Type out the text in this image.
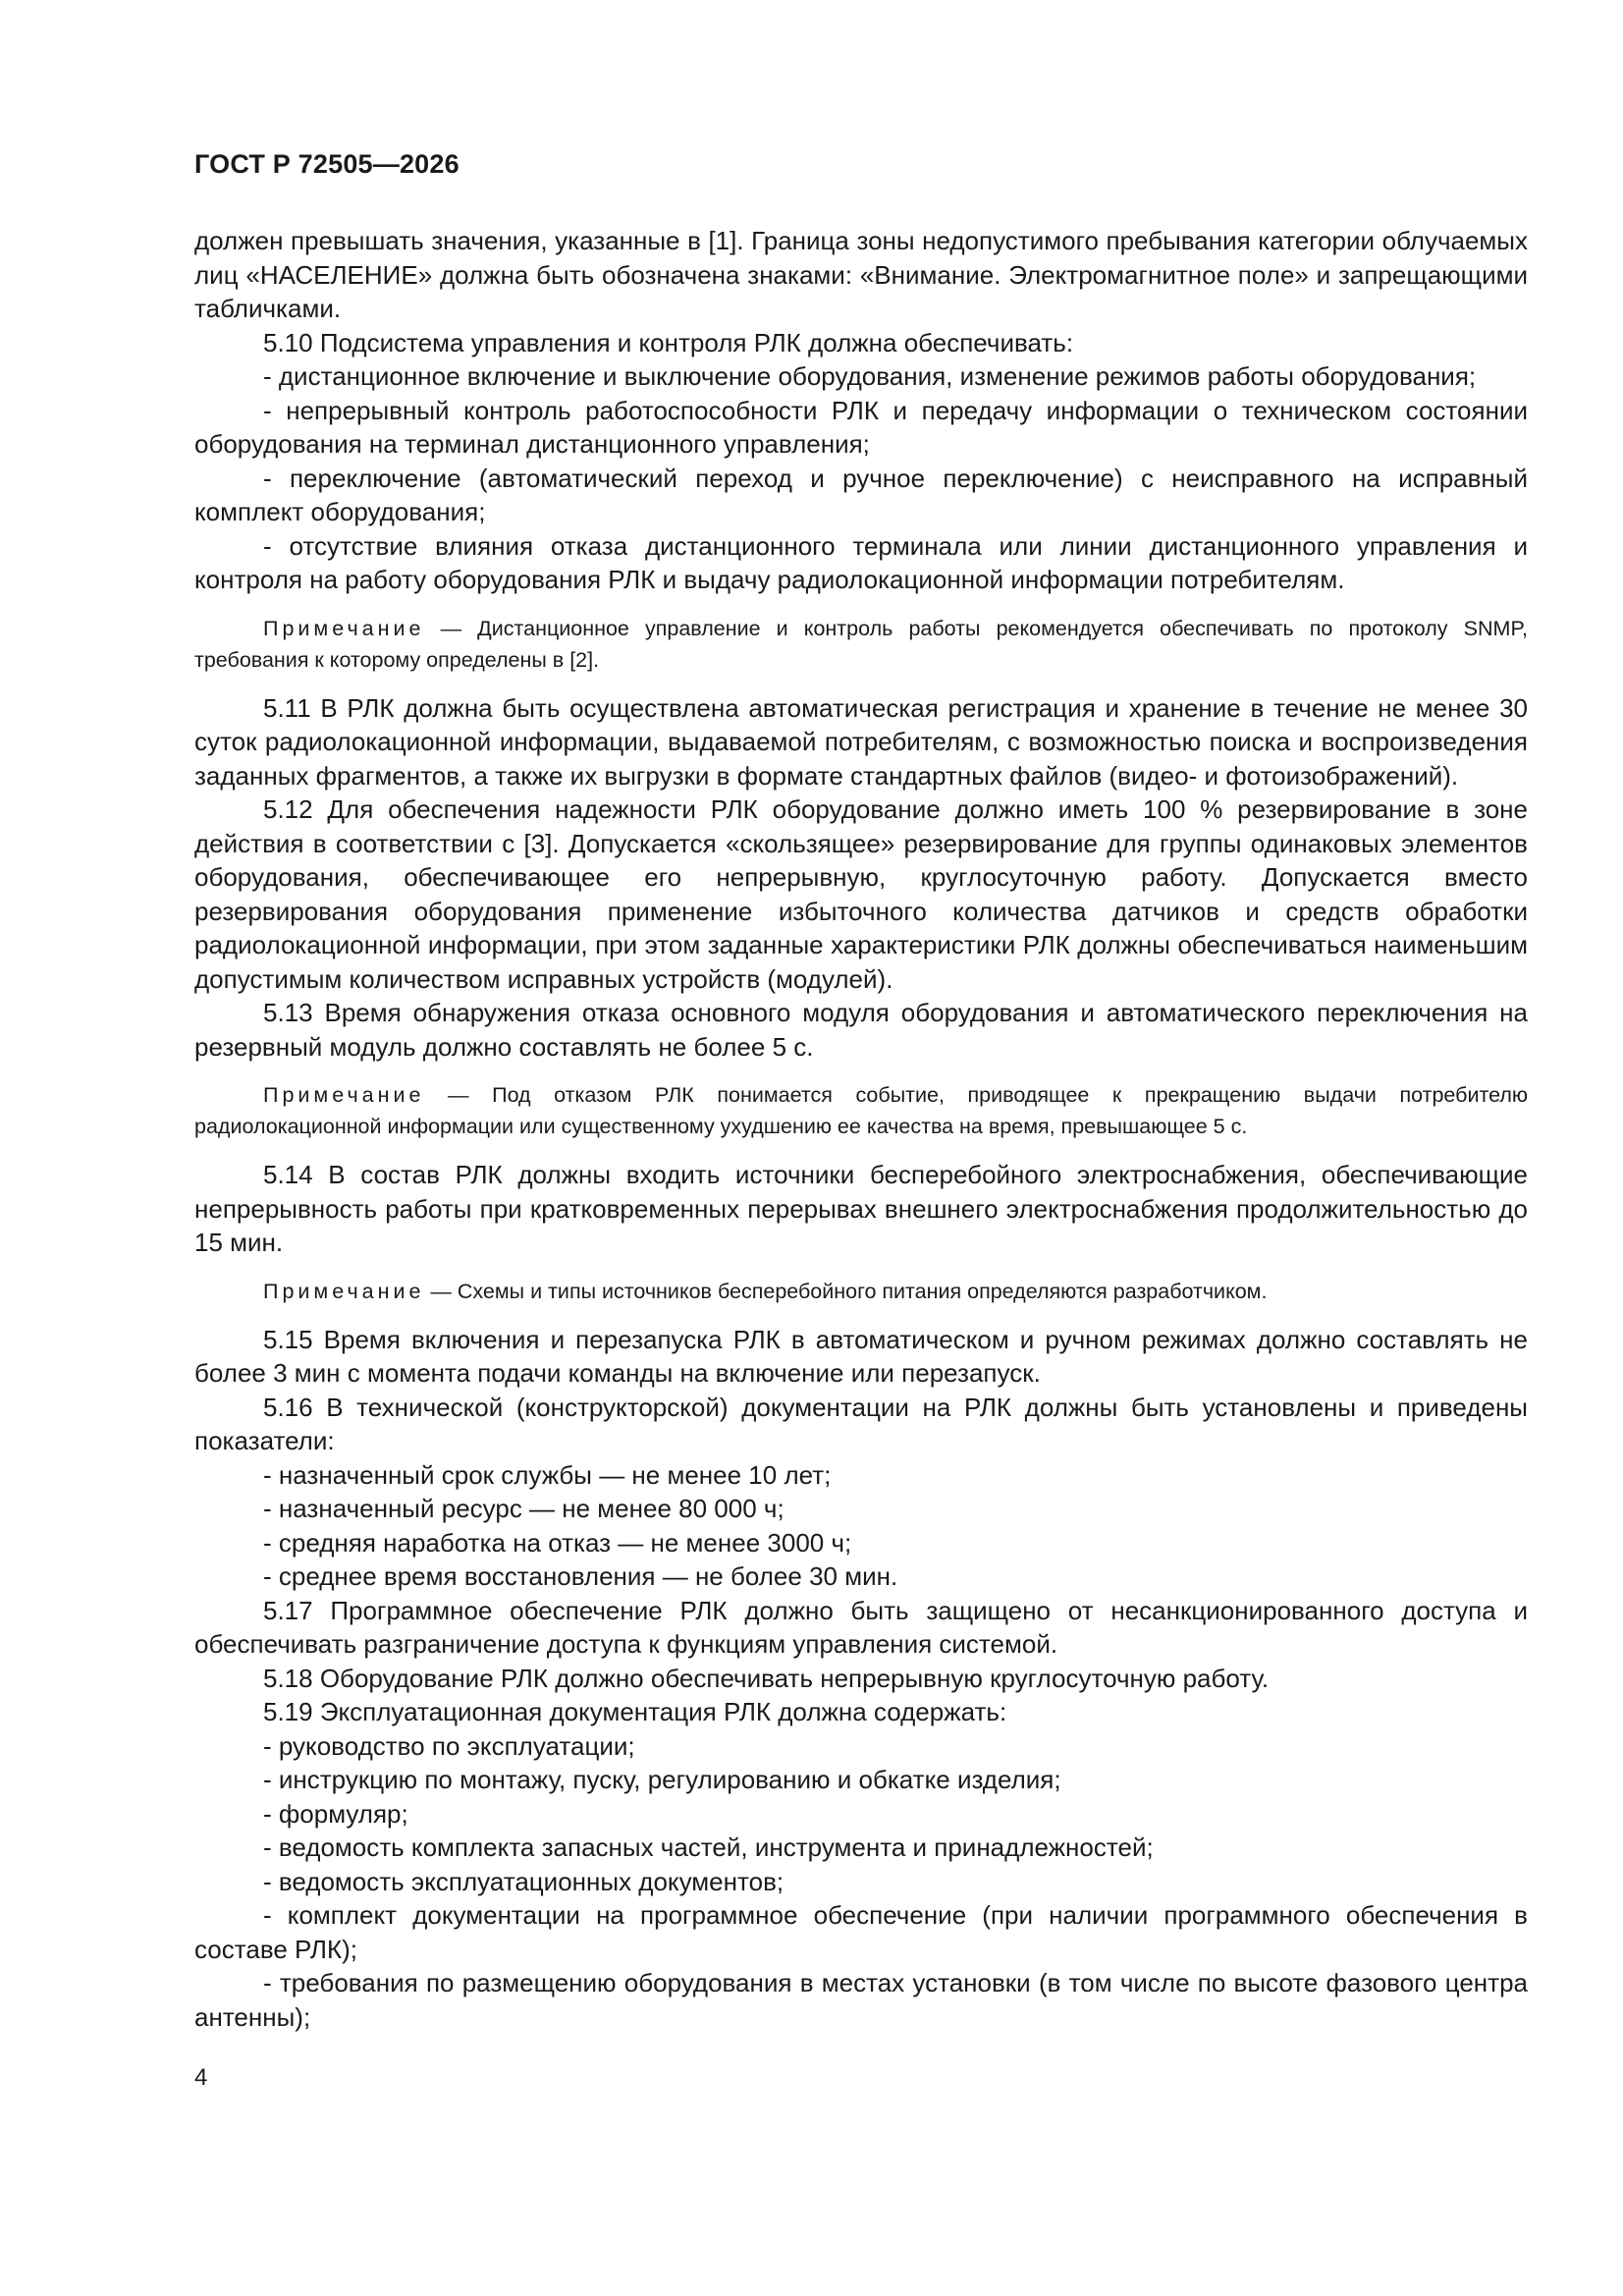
ГОСТ Р 72505—2026

должен превышать значения, указанные в [1]. Граница зоны недопустимого пребывания категории облучаемых лиц «НАСЕЛЕНИЕ» должна быть обозначена знаками: «Внимание. Электромагнитное поле» и запрещающими табличками.

5.10 Подсистема управления и контроля РЛК должна обеспечивать:

- дистанционное включение и выключение оборудования, изменение режимов работы оборудования;

- непрерывный контроль работоспособности РЛК и передачу информации о техническом состоянии оборудования на терминал дистанционного управления;

- переключение (автоматический переход и ручное переключение) с неисправного на исправный комплект оборудования;

- отсутствие влияния отказа дистанционного терминала или линии дистанционного управления и контроля на работу оборудования РЛК и выдачу радиолокационной информации потребителям.

Примечание — Дистанционное управление и контроль работы рекомендуется обеспечивать по протоколу SNMP, требования к которому определены в [2].

5.11 В РЛК должна быть осуществлена автоматическая регистрация и хранение в течение не менее 30 суток радиолокационной информации, выдаваемой потребителям, с возможностью поиска и воспроизведения заданных фрагментов, а также их выгрузки в формате стандартных файлов (видео- и фотоизображений).

5.12 Для обеспечения надежности РЛК оборудование должно иметь 100 % резервирование в зоне действия в соответствии с [3]. Допускается «скользящее» резервирование для группы одинаковых элементов оборудования, обеспечивающее его непрерывную, круглосуточную работу. Допускается вместо резервирования оборудования применение избыточного количества датчиков и средств обработки радиолокационной информации, при этом заданные характеристики РЛК должны обеспечиваться наименьшим допустимым количеством исправных устройств (модулей).

5.13 Время обнаружения отказа основного модуля оборудования и автоматического переключения на резервный модуль должно составлять не более 5 с.

Примечание — Под отказом РЛК понимается событие, приводящее к прекращению выдачи потребителю радиолокационной информации или существенному ухудшению ее качества на время, превышающее 5 с.

5.14 В состав РЛК должны входить источники бесперебойного электроснабжения, обеспечивающие непрерывность работы при кратковременных перерывах внешнего электроснабжения продолжительностью до 15 мин.

Примечание — Схемы и типы источников бесперебойного питания определяются разработчиком.

5.15 Время включения и перезапуска РЛК в автоматическом и ручном режимах должно составлять не более 3 мин с момента подачи команды на включение или перезапуск.

5.16 В технической (конструкторской) документации на РЛК должны быть установлены и приведены показатели:

- назначенный срок службы — не менее 10 лет;

- назначенный ресурс — не менее 80 000 ч;

- средняя наработка на отказ — не менее 3000 ч;

- среднее время восстановления — не более 30 мин.

5.17 Программное обеспечение РЛК должно быть защищено от несанкционированного доступа и обеспечивать разграничение доступа к функциям управления системой.

5.18 Оборудование РЛК должно обеспечивать непрерывную круглосуточную работу.

5.19 Эксплуатационная документация РЛК должна содержать:

- руководство по эксплуатации;

- инструкцию по монтажу, пуску, регулированию и обкатке изделия;

- формуляр;

- ведомость комплекта запасных частей, инструмента и принадлежностей;

- ведомость эксплуатационных документов;

- комплект документации на программное обеспечение (при наличии программного обеспечения в составе РЛК);

- требования по размещению оборудования в местах установки (в том числе по высоте фазового центра антенны);

4
